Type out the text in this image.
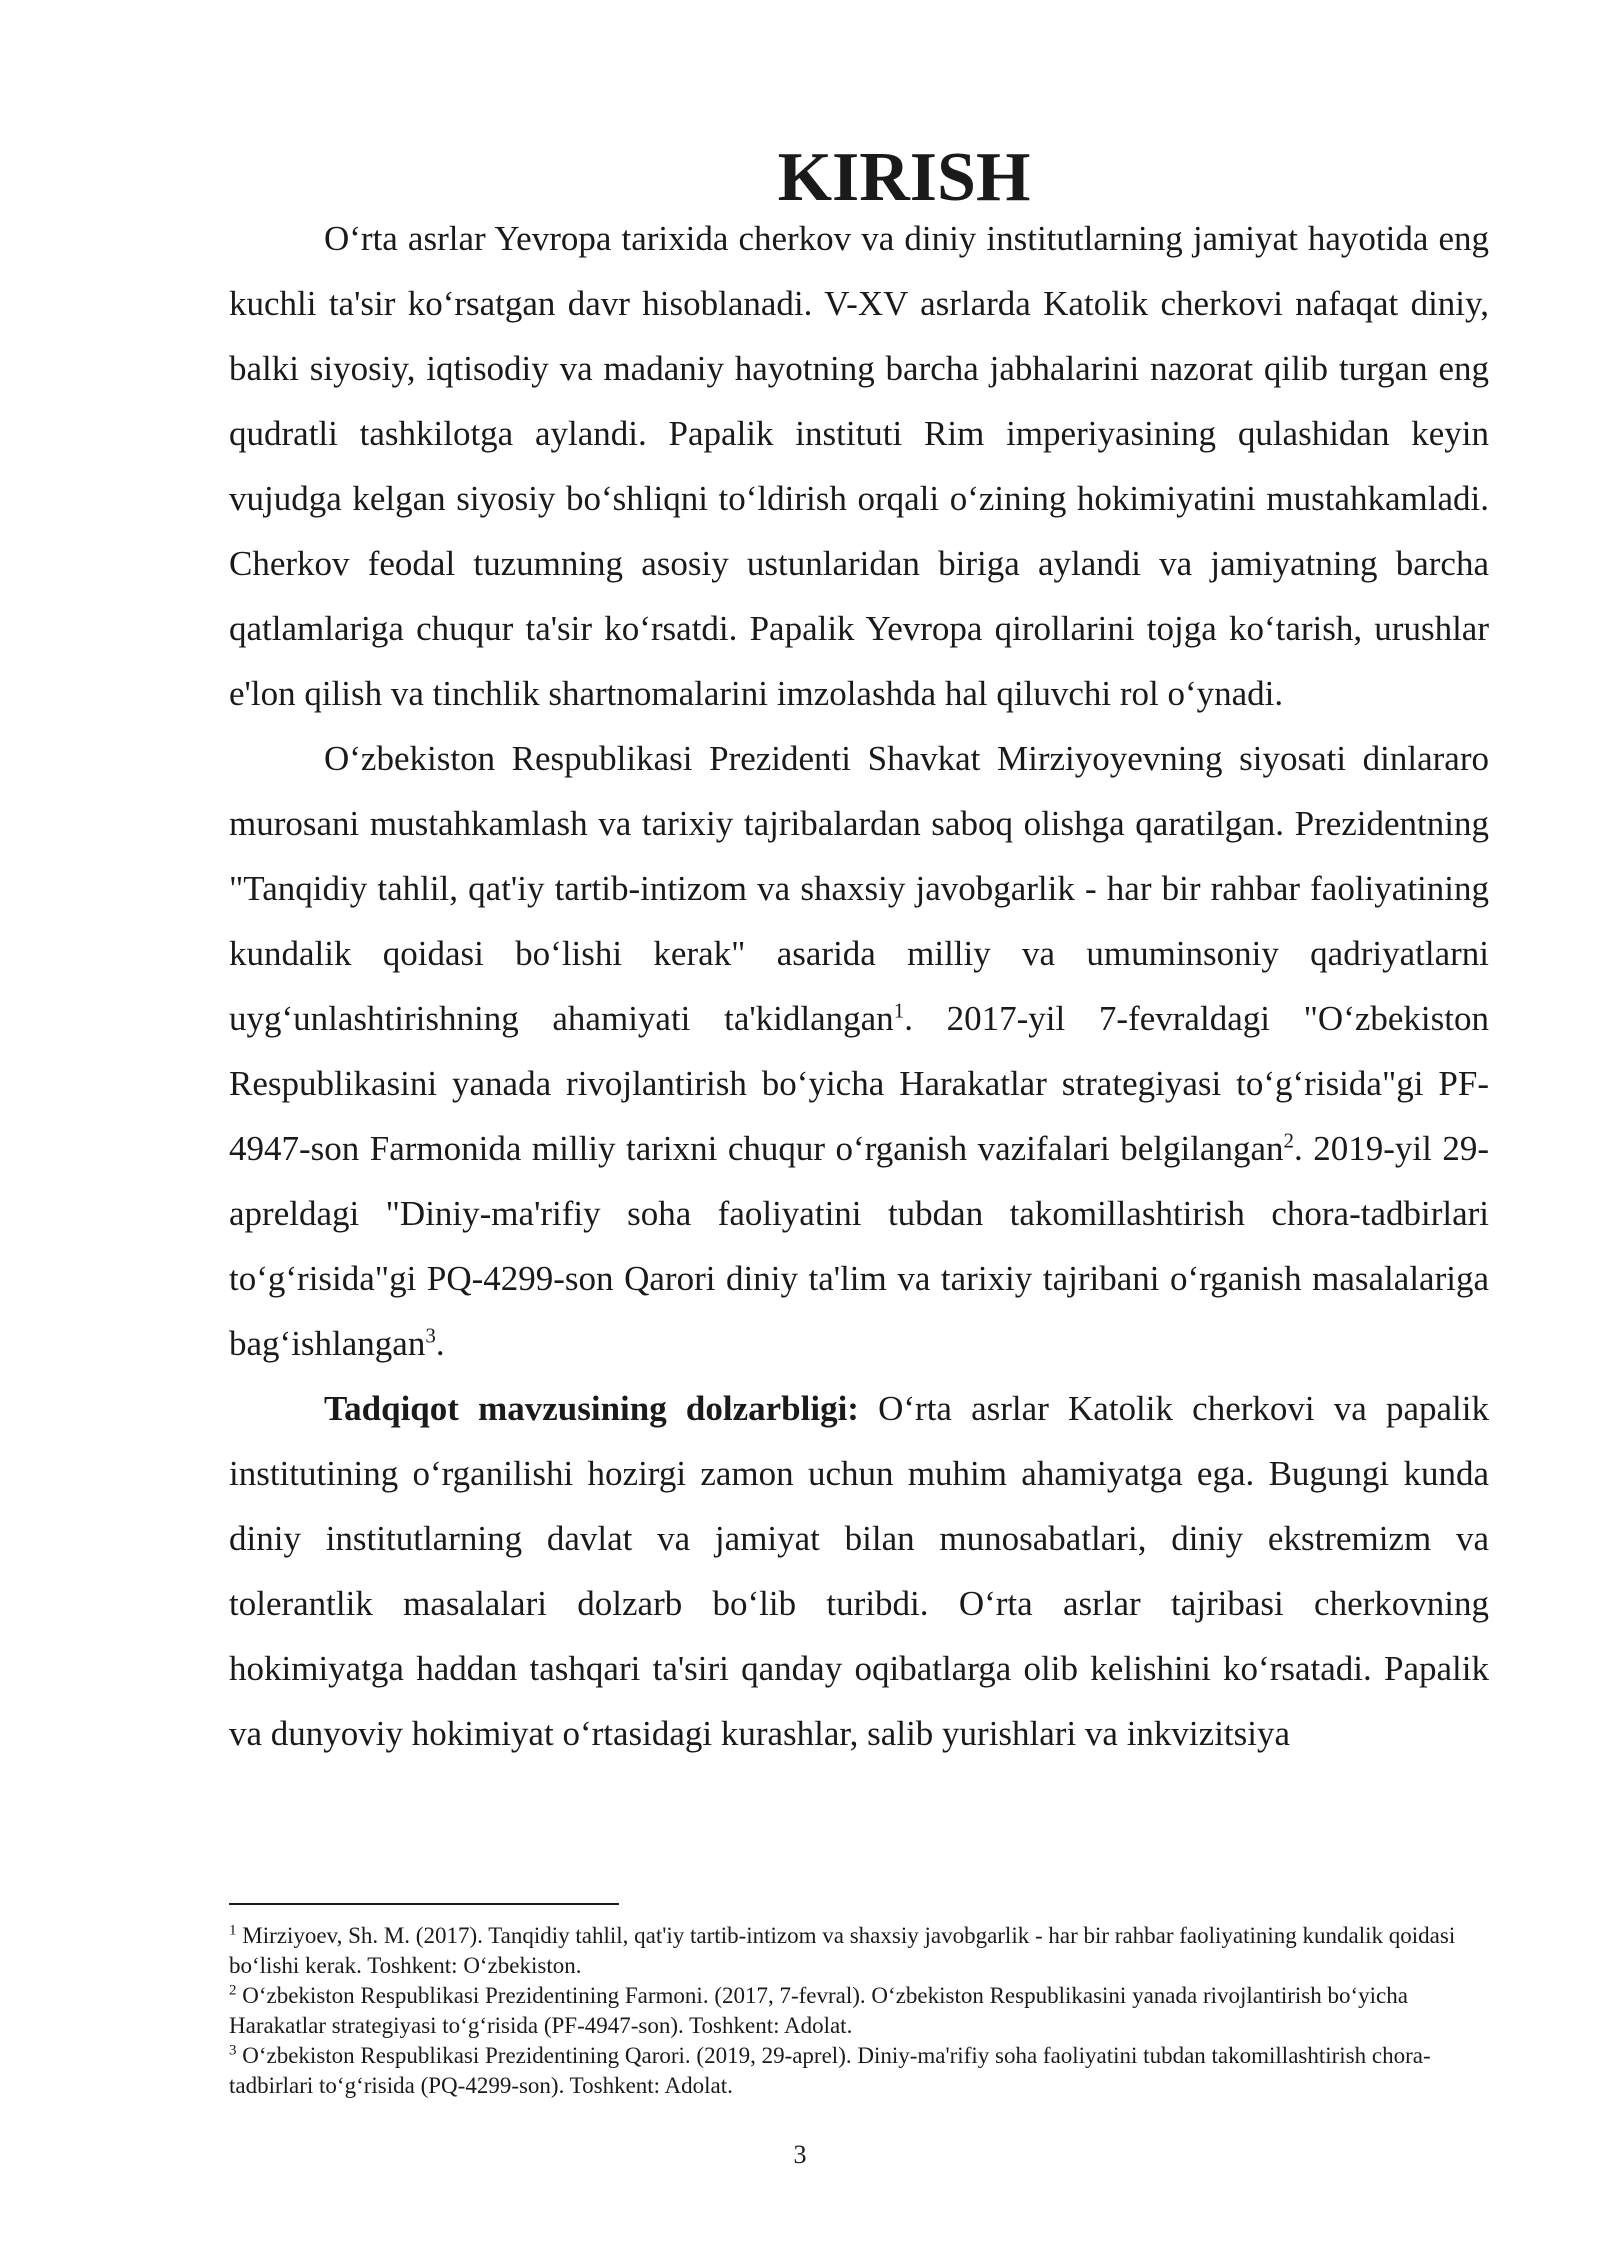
KIRISH

O‘rta asrlar Yevropa tarixida cherkov va diniy institutlarning jamiyat hayotida eng kuchli ta'sir ko‘rsatgan davr hisoblanadi. V-XV asrlarda Katolik cherkovi nafaqat diniy, balki siyosiy, iqtisodiy va madaniy hayotning barcha jabhalarini nazorat qilib turgan eng qudratli tashkilotga aylandi. Papalik instituti Rim imperiyasining qulashidan keyin vujudga kelgan siyosiy bo‘shliqni to‘ldirish orqali o‘zining hokimiyatini mustahkamladi. Cherkov feodal tuzumning asosiy ustunlaridan biriga aylandi va jamiyatning barcha qatlamlariga chuqur ta'sir ko‘rsatdi. Papalik Yevropa qirollarini tojga ko‘tarish, urushlar e'lon qilish va tinchlik shartnomalarini imzolashda hal qiluvchi rol o‘ynadi.

O‘zbekiston Respublikasi Prezidenti Shavkat Mirziyoyevning siyosati dinlararo murosani mustahkamlash va tarixiy tajribalardan saboq olishga qaratilgan. Prezidentning "Tanqidiy tahlil, qat'iy tartib-intizom va shaxsiy javobgarlik - har bir rahbar faoliyatining kundalik qoidasi bo‘lishi kerak" asarida milliy va umuminsoniy qadriyatlarni uyg‘unlashtirishning ahamiyati ta'kidlangan$^1$. 2017-yil 7-fevraldagi "O‘zbekiston Respublikasini yanada rivojlantirish bo‘yicha Harakatlar strategiyasi to‘g‘risida"gi PF-4947-son Farmonida milliy tarixni chuqur o‘rganish vazifalari belgilangan$^2$. 2019-yil 29-apreldagi "Diniy-ma'rifiy soha faoliyatini tubdan takomillashtirish chora-tadbirlari to‘g‘risida"gi PQ-4299-son Qarori diniy ta'lim va tarixiy tajribani o‘rganish masalalariga bag‘ishlangan$^3$.

Tadqiqot mavzusining dolzarbligi: O‘rta asrlar Katolik cherkovi va papalik institutining o‘rganilishi hozirgi zamon uchun muhim ahamiyatga ega. Bugungi kunda diniy institutlarning davlat va jamiyat bilan munosabatlari, diniy ekstremizm va tolerantlik masalalari dolzarb bo‘lib turibdi. O‘rta asrlar tajribasi cherkovning hokimiyatga haddan tashqari ta'siri qanday oqibatlarga olib kelishini ko‘rsatadi. Papalik va dunyoviy hokimiyat o‘rtasidagi kurashlar, salib yurishlari va inkvizitsiya

$^1$ Mirziyoev, Sh. M. (2017). Tanqidiy tahlil, qat'iy tartib-intizom va shaxsiy javobgarlik - har bir rahbar faoliyatining kundalik qoidasi bo‘lishi kerak. Toshkent: O‘zbekiston.

$^2$ O‘zbekiston Respublikasi Prezidentining Farmoni. (2017, 7-fevral). O‘zbekiston Respublikasini yanada rivojlantirish bo‘yicha Harakatlar strategiyasi to‘g‘risida (PF-4947-son). Toshkent: Adolat.

$^3$ O‘zbekiston Respublikasi Prezidentining Qarori. (2019, 29-aprel). Diniy-ma'rifiy soha faoliyatini tubdan takomillashtirish chora-tadbirlari to‘g‘risida (PQ-4299-son). Toshkent: Adolat.

3
